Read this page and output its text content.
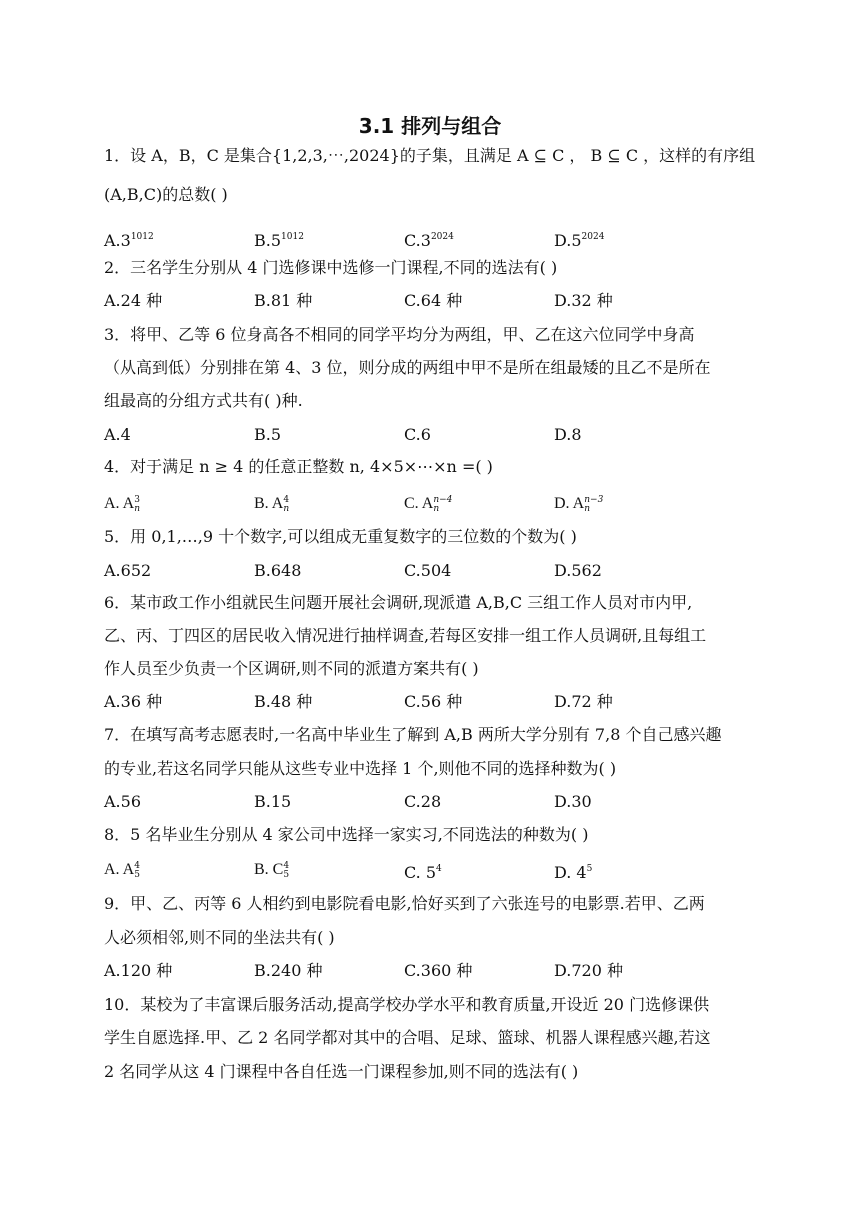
3.1 排列与组合
1．设 A，B，C 是集合{1,2,3,⋯,2024}的子集，且满足 A ⊆ C ， B ⊆ C ，这样的有序组
(A,B,C)的总数( )
$A.3^{1012}$	$B.5^{1012}$	$C.3^{2024}$	$D.5^{2024}$
2．三名学生分别从 4 门选修课中选修一门课程,不同的选法有( )
A.24 种	B.81 种	C.64 种	D.32 种
3．将甲、乙等 6 位身高各不相同的同学平均分为两组，甲、乙在这六位同学中身高
（从高到低）分别排在第 4、3 位，则分成的两组中甲不是所在组最矮的且乙不是所在
组最高的分组方式共有( )种.
A.4	B.5	C.6	D.8
4．对于满足 n ≥ 4 的任意正整数 n, 4×5×⋯×n =( )
A. A 3
n	B. A 4
n	C. A n−4
n	D. A n−3
n
5．用 0,1,…,9 十个数字,可以组成无重复数字的三位数的个数为( )
A.652	B.648	C.504	D.562
6．某市政工作小组就民生问题开展社会调研,现派遣 A,B,C 三组工作人员对市内甲,
乙、丙、丁四区的居民收入情况进行抽样调查,若每区安排一组工作人员调研,且每组工
作人员至少负责一个区调研,则不同的派遣方案共有( )
A.36 种	B.48 种	C.56 种	D.72 种
7．在填写高考志愿表时,一名高中毕业生了解到 A,B 两所大学分别有 7,8 个自己感兴趣
的专业,若这名同学只能从这些专业中选择 1 个,则他不同的选择种数为( )
A.56	B.15	C.28	D.30
8．5 名毕业生分别从 4 家公司中选择一家实习,不同选法的种数为( )
A. A 4
5	B. C 4
5	C. $5^4$	D. $4^5$
9．甲、乙、丙等 6 人相约到电影院看电影,恰好买到了六张连号的电影票.若甲、乙两
人必须相邻,则不同的坐法共有( )
A.120 种	B.240 种	C.360 种	D.720 种
10．某校为了丰富课后服务活动,提高学校办学水平和教育质量,开设近 20 门选修课供
学生自愿选择.甲、乙 2 名同学都对其中的合唱、足球、篮球、机器人课程感兴趣,若这
2 名同学从这 4 门课程中各自任选一门课程参加,则不同的选法有( )
